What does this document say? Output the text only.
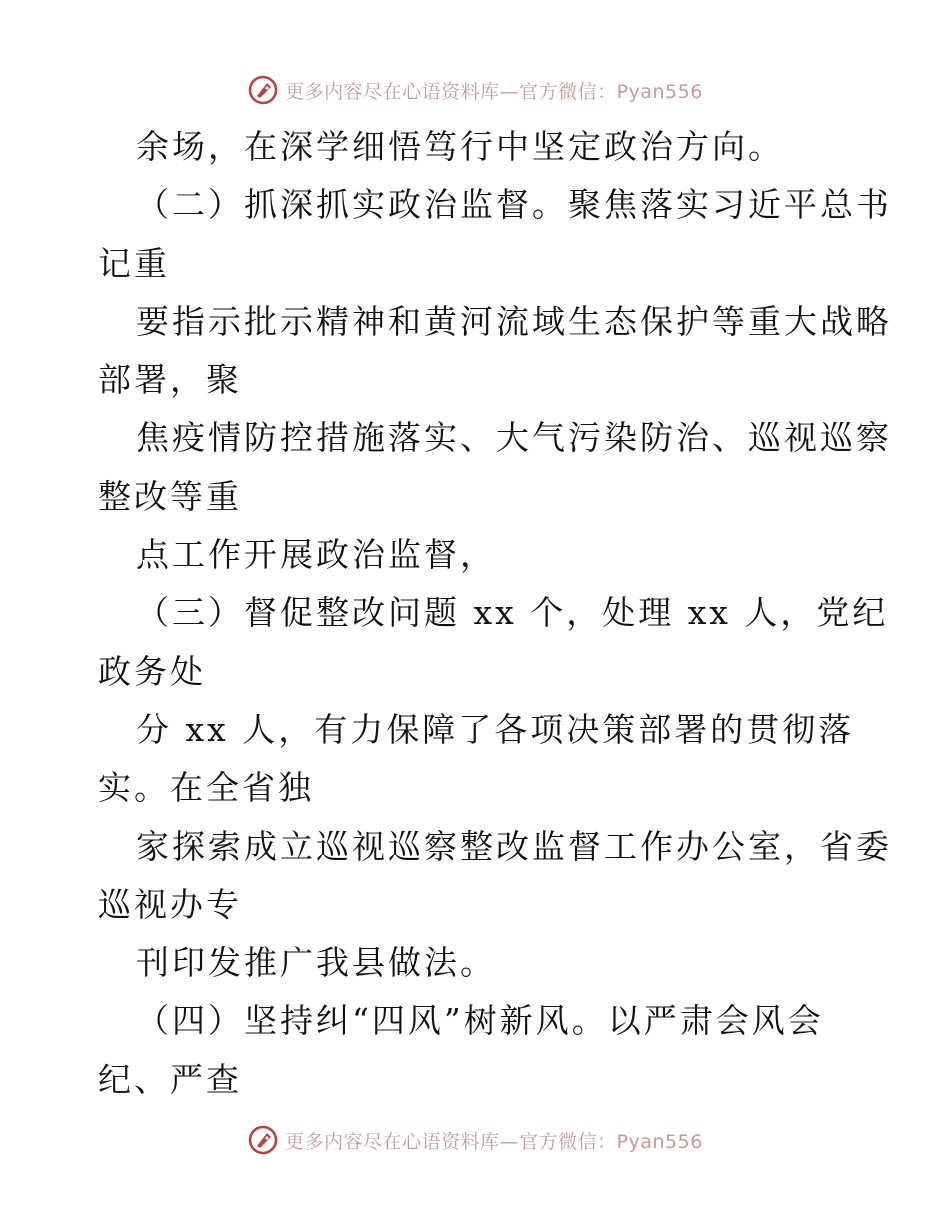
更多内容尽在心语资料库—官方微信：Pyan556
余场，在深学细悟笃行中坚定政治方向。
（二）抓深抓实政治监督。聚焦落实习近平总书
记重
要指示批示精神和黄河流域生态保护等重大战略
部署，聚
焦疫情防控措施落实、大气污染防治、巡视巡察
整改等重
点工作开展政治监督，
（三）督促整改问题 xx 个，处理 xx 人，党纪
政务处
分 xx 人，有力保障了各项决策部署的贯彻落
实。在全省独
家探索成立巡视巡察整改监督工作办公室，省委
巡视办专
刊印发推广我县做法。
（四）坚持纠“四风”树新风。以严肃会风会
纪、严查
更多内容尽在心语资料库—官方微信：Pyan556
